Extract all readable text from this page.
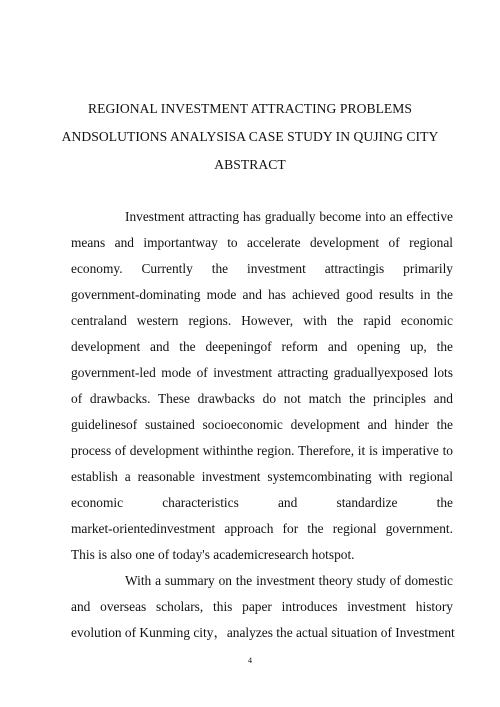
REGIONAL INVESTMENT ATTRACTING PROBLEMS
ANDSOLUTIONS ANALYSISA CASE STUDY IN QUJING CITY
ABSTRACT
Investment attracting has gradually become into an effective
means and importantway to accelerate development of regional
economy. Currently the investment attractingis primarily
government-dominating mode and has achieved good results in the
centraland western regions. However, with the rapid economic
development and the deepeningof reform and opening up, the
government-led mode of investment attracting graduallyexposed lots
of drawbacks. These drawbacks do not match the principles and
guidelinesof sustained socioeconomic development and hinder the
process of development withinthe region. Therefore, it is imperative to
establish a reasonable investment systemcombinating with regional
economic characteristics and standardize the
market-orientedinvestment approach for the regional government.
This is also one of today's academicresearch hotspot.
With a summary on the investment theory study of domestic
and overseas scholars, this paper introduces investment history
evolution of Kunming city，analyzes the actual situation of Investment
4
